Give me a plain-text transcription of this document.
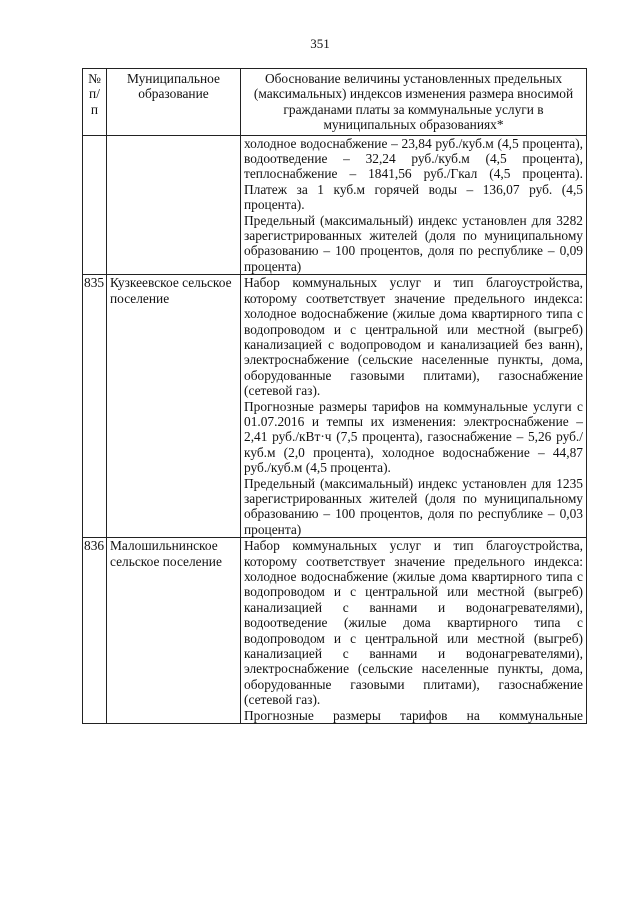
351
№ п/п	Муниципальное образование	Обоснование величины установленных предельных (максимальных) индексов изменения размера вносимой гражданами платы за коммунальные услуги в муниципальных образованиях*

		холодное водоснабжение – 23,84 руб./куб.м (4,5 процента), водоотведение – 32,24 руб./куб.м (4,5 процента), теплоснабжение – 1841,56 руб./Гкал (4,5 процента). Платеж за 1 куб.м горячей воды – 136,07 руб. (4,5 процента).

Предельный (максимальный) индекс установлен для 3282 зарегистрированных жителей (доля по муниципальному образованию – 100 процентов, доля по республике – 0,09 процента)

835	Кузкеевское сельское поселение	Набор коммунальных услуг и тип благоустройства, которому соответствует значение предельного индекса: холодное водоснабжение (жилые дома квартирного типа с водопроводом и с центральной или местной (выгреб) канализацией с водопроводом и канализацией без ванн), электроснабжение (сельские населенные пункты, дома, оборудованные газовыми плитами), газоснабжение (сетевой газ).

Прогнозные размеры тарифов на коммунальные услуги с 01.07.2016 и темпы их изменения: электроснабжение – 2,41 руб./кВт·ч (7,5 процента), газоснабжение – 5,26 руб./куб.м (2,0 процента), холодное водоснабжение – 44,87 руб./куб.м (4,5 процента).

Предельный (максимальный) индекс установлен для 1235 зарегистрированных жителей (доля по муниципальному образованию – 100 процентов, доля по республике – 0,03 процента)

836	Малошильнинское сельское поселение	Набор коммунальных услуг и тип благоустройства, которому соответствует значение предельного индекса: холодное водоснабжение (жилые дома квартирного типа с водопроводом и с центральной или местной (выгреб) канализацией с ваннами и водонагревателями), водоотведение (жилые дома квартирного типа с водопроводом и с центральной или местной (выгреб) канализацией с ваннами и водонагревателями), электроснабжение (сельские населенные пункты, дома, оборудованные газовыми плитами), газоснабжение (сетевой газ).

Прогнозные размеры тарифов на коммунальные
